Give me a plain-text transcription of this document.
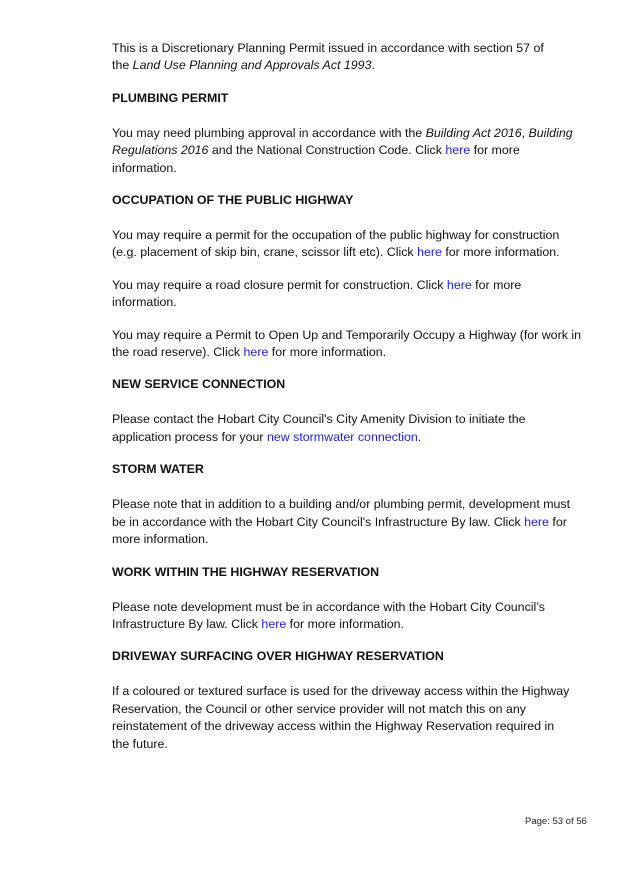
This is a Discretionary Planning Permit issued in accordance with section 57 of the Land Use Planning and Approvals Act 1993.

PLUMBING PERMIT

You may need plumbing approval in accordance with the Building Act 2016, Building Regulations 2016 and the National Construction Code. Click here for more information.

OCCUPATION OF THE PUBLIC HIGHWAY

You may require a permit for the occupation of the public highway for construction (e.g. placement of skip bin, crane, scissor lift etc). Click here for more information.

You may require a road closure permit for construction. Click here for more information.

You may require a Permit to Open Up and Temporarily Occupy a Highway (for work in the road reserve). Click here for more information.

NEW SERVICE CONNECTION

Please contact the Hobart City Council's City Amenity Division to initiate the application process for your new stormwater connection.

STORM WATER

Please note that in addition to a building and/or plumbing permit, development must be in accordance with the Hobart City Council's Infrastructure By law. Click here for more information.

WORK WITHIN THE HIGHWAY RESERVATION

Please note development must be in accordance with the Hobart City Council’s Infrastructure By law. Click here for more information.

DRIVEWAY SURFACING OVER HIGHWAY RESERVATION

If a coloured or textured surface is used for the driveway access within the Highway Reservation, the Council or other service provider will not match this on any reinstatement of the driveway access within the Highway Reservation required in the future.

Page: 53 of 56
